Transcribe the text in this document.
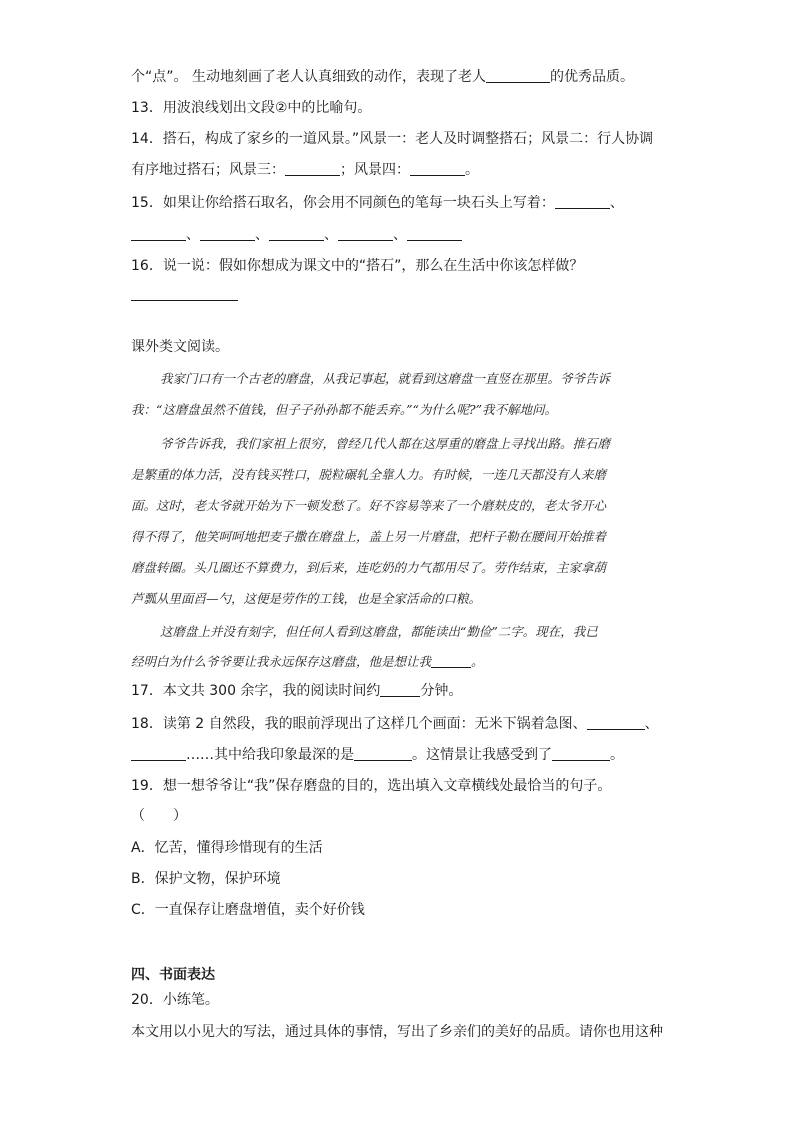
个“点”。 生动地刻画了老人认真细致的动作，表现了老人	的优秀品质。
13．用波浪线划出文段②中的比喻句。
14．搭石，构成了家乡的一道风景。”风景一：老人及时调整搭石；风景二：行人协调
有序地过搭石；风景三：	；风景四：	。
15．如果让你给搭石取名，你会用不同颜色的笔每一块石头上写着：	、
、	、	、	、
16．说一说：假如你想成为课文中的“搭石”，那么在生活中你该怎样做？
课外类文阅读。
我家门口有一个古老的磨盘，从我记事起，就看到这磨盘一直竖在那里。爷爷告诉
我：“这磨盘虽然不值钱，但子子孙孙都不能丢弃。”“为什么呢?”我不解地问。
爷爷告诉我，我们家祖上很穷，曾经几代人都在这厚重的磨盘上寻找出路。推石磨
是繁重的体力活，没有钱买牲口，脱粒碾轧全靠人力。有时候，一连几天都没有人来磨
面。这时，老太爷就开始为下一顿发愁了。好不容易等来了一个磨麸皮的，老太爷开心
得不得了，他笑呵呵地把麦子撒在磨盘上，盖上另一片磨盘，把杆子勒在腰间开始推着
磨盘转圈。头几圈还不算费力，到后来，连吃奶的力气都用尽了。劳作结束，主家拿葫
芦瓢从里面舀—勺，这便是劳作的工钱，也是全家活命的口粮。
这磨盘上并没有刻字，但任何人看到这磨盘，都能读出“勤俭”二字。现在，我已
经明白为什么爷爷要让我永远保存这磨盘，他是想让我	。
17．本文共 300 余字，我的阅读时间约	分钟。
18．读第 2 自然段，我的眼前浮现出了这样几个画面：无米下锅着急图、	、
……其中给我印象最深的是	。这情景让我感受到了	。
19．想一想爷爷让“我”保存磨盘的目的，选出填入文章横线处最恰当的句子。
（　　）
A．忆苦，懂得珍惜现有的生活
B．保护文物，保护环境
C．一直保存让磨盘增值，卖个好价钱
四、书面表达
20．小练笔。
本文用以小见大的写法，通过具体的事情，写出了乡亲们的美好的品质。请你也用这种
